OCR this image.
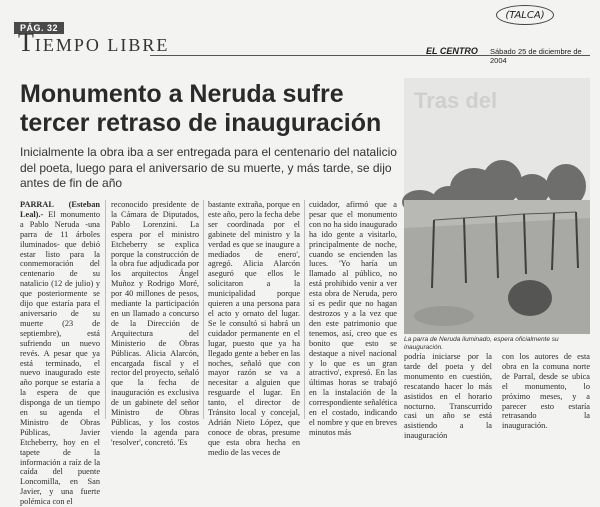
(TALCA)
PÁG. 32
TIEMPO LIBRE	EL CENTRO Sábado 25 de diciembre de 2004
Monumento a Neruda sufre tercer retraso de inauguración

Inicialmente la obra iba a ser entregada para el centenario del natalicio del poeta, luego para el aniversario de su muerte, y más tarde, se dijo antes de fin de año

Tras del
La parra de Neruda iluminado, espera oficialmente su inauguración.

PARRAL (Esteban Leal).- El monumento a Pablo Neruda -una parra de 11 árboles iluminados- que debió estar listo para la conmemoración del centenario de su natalicio (12 de julio) y que posteriormente se dijo que estaría para el aniversario de su muerte (23 de septiembre), está sufriendo un nuevo revés. A pesar que ya está terminado, el nuevo inaugurado este año porque se estaría a la espera de que disponga de un tiempo en su agenda el Ministro de Obras Públicas, Javier Etcheberry, hoy en el tapete de la información a raíz de la caída del puente Loncomilla, en San Javier, y una fuerte polémica con el

reconocido presidente de la Cámara de Diputados, Pablo Lorenzini. La espera por el ministro Etcheberry se explica porque la construcción de la obra fue adjudicada por los arquitectos Ángel Muñoz y Rodrigo Moré, por 40 millones de pesos, mediante la participación en un llamado a concurso de la Dirección de Arquitectura del Ministerio de Obras Públicas. Alicia Alarcón, encargada fiscal y el rector del proyecto, señaló que la fecha de inauguración es exclusiva de un gabinete del señor Ministro de Obras Públicas, y los costos viendo la agenda para 'resolver', concretó. 'Es

bastante extraña, porque en este año, pero la fecha debe ser coordinada por el gabinete del ministro y la verdad es que se inaugure a mediados de enero', agregó. Alicia Alarcón aseguró que ellos le solicitaron a la municipalidad porque quieren a una persona para el acto y ornato del lugar. Se le consultó si habrá un cuidador permanente en el lugar, puesto que ya ha llegado gente a beber en las noches, señaló que con mayor razón se va a necesitar a alguien que resguarde el lugar. En tanto, el director de Tránsito local y concejal, Adrián Nieto López, que conoce de obras, presume que esta obra hecha en medio de las veces de

cuidador, afirmó que a pesar que el monumento con no ha sido inaugurado ha ido gente a visitarlo, principalmente de noche, cuando se encienden las luces. 'Yo haría un llamado al público, no está prohibido venir a ver esta obra de Neruda, pero sí es pedir que no hagan destrozos y a la vez que den este patrimonio que tenemos, así, creo que es bonito que esto se destaque a nivel nacional y lo que es un gran atractivo', expresó. En las últimas horas se trabajó en la instalación de la correspondiente señalética en el costado, indicando el nombre y que en breves minutos más

podría iniciarse por la tarde del poeta y del monumento en cuestión, rescatando hacer lo más asistidos en el horario nocturno. Transcurrido casi un año se está asistiendo a la inauguración

con los autores de esta obra en la comuna norte de Parral, desde se ubica el monumento, lo próximo meses, y a parecer esto estaría retrasando la inauguración.
